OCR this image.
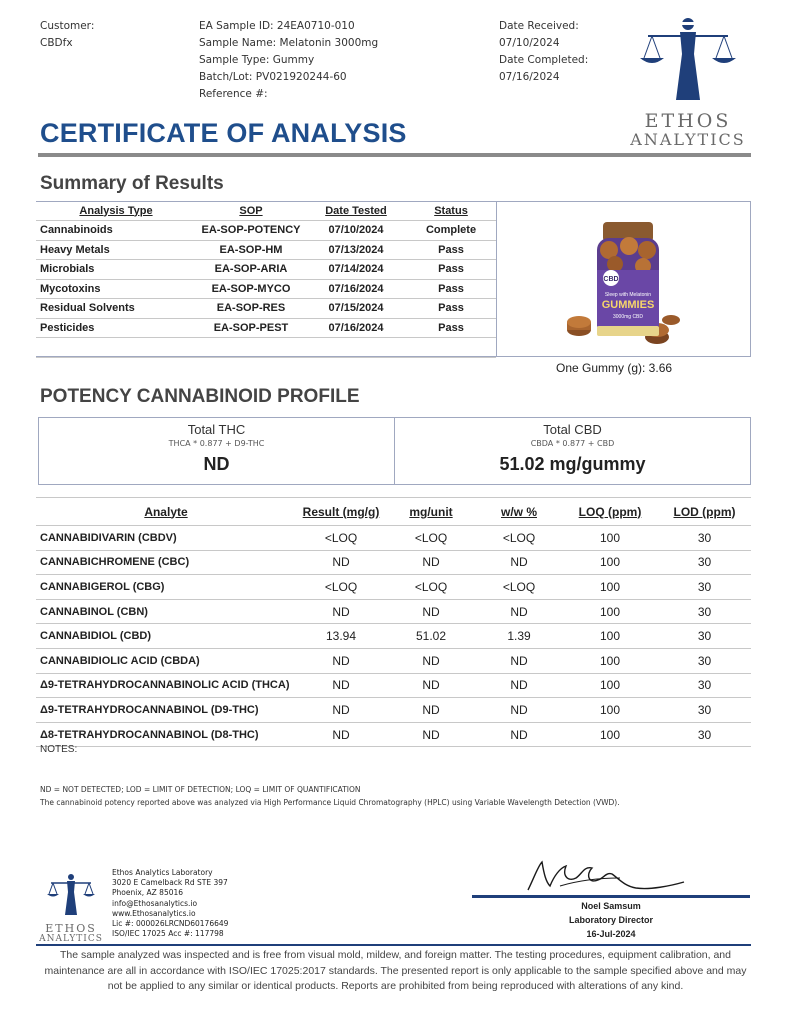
Customer:
CBDfx
EA Sample ID: 24EA0710-010
Sample Name: Melatonin 3000mg
Sample Type: Gummy
Batch/Lot: PV021920244-60
Reference #:
Date Received:
07/10/2024
Date Completed:
07/16/2024
ETHOS
ANALYTICS
CERTIFICATE OF ANALYSIS
Summary of Results
Analysis Type	SOP	Date Tested	Status
Cannabinoids	EA-SOP-POTENCY	07/10/2024	Complete
Heavy Metals	EA-SOP-HM	07/13/2024	Pass
Microbials	EA-SOP-ARIA	07/14/2024	Pass
Mycotoxins	EA-SOP-MYCO	07/16/2024	Pass
Residual Solvents	EA-SOP-RES	07/15/2024	Pass
Pesticides	EA-SOP-PEST	07/16/2024	Pass

CBD
Sleep with Melatonin
GUMMIES
3000mg CBD
One Gummy (g): 3.66
POTENCY CANNABINOID PROFILE
Total THC
THCA * 0.877 + D9-THC
ND
Total CBD
CBDA * 0.877 + CBD
51.02 mg/gummy
Analyte	Result (mg/g)	mg/unit	w/w %	LOQ (ppm)	LOD (ppm)
CANNABIDIVARIN (CBDV)	<LOQ	<LOQ	<LOQ	100	30
CANNABICHROMENE (CBC)	ND	ND	ND	100	30
CANNABIGEROL (CBG)	<LOQ	<LOQ	<LOQ	100	30
CANNABINOL (CBN)	ND	ND	ND	100	30
CANNABIDIOL (CBD)	13.94	51.02	1.39	100	30
CANNABIDIOLIC ACID (CBDA)	ND	ND	ND	100	30
Δ9-TETRAHYDROCANNABINOLIC ACID (THCA)	ND	ND	ND	100	30
Δ9-TETRAHYDROCANNABINOL (D9-THC)	ND	ND	ND	100	30
Δ8-TETRAHYDROCANNABINOL (D8-THC)	ND	ND	ND	100	30
NOTES:
ND = NOT DETECTED; LOD = LIMIT OF DETECTION; LOQ = LIMIT OF QUANTIFICATION
The cannabinoid potency reported above was analyzed via High Performance Liquid Chromatography (HPLC) using Variable Wavelength Detection (VWD).
ETHOS
ANALYTICS
Ethos Analytics Laboratory
3020 E Camelback Rd STE 397
Phoenix, AZ 85016
info@Ethosanalytics.io
www.Ethosanalytics.io
Lic #: 000026LRCND60176649
ISO/IEC 17025 Acc #: 117798
Noel Samsum
Laboratory Director
16-Jul-2024
The sample analyzed was inspected and is free from visual mold, mildew, and foreign matter. The testing procedures, equipment calibration, and maintenance are all in accordance with ISO/IEC 17025:2017 standards. The presented report is only applicable to the sample specified above and may not be applied to any similar or identical products. Reports are prohibited from being reproduced with alterations of any kind.
